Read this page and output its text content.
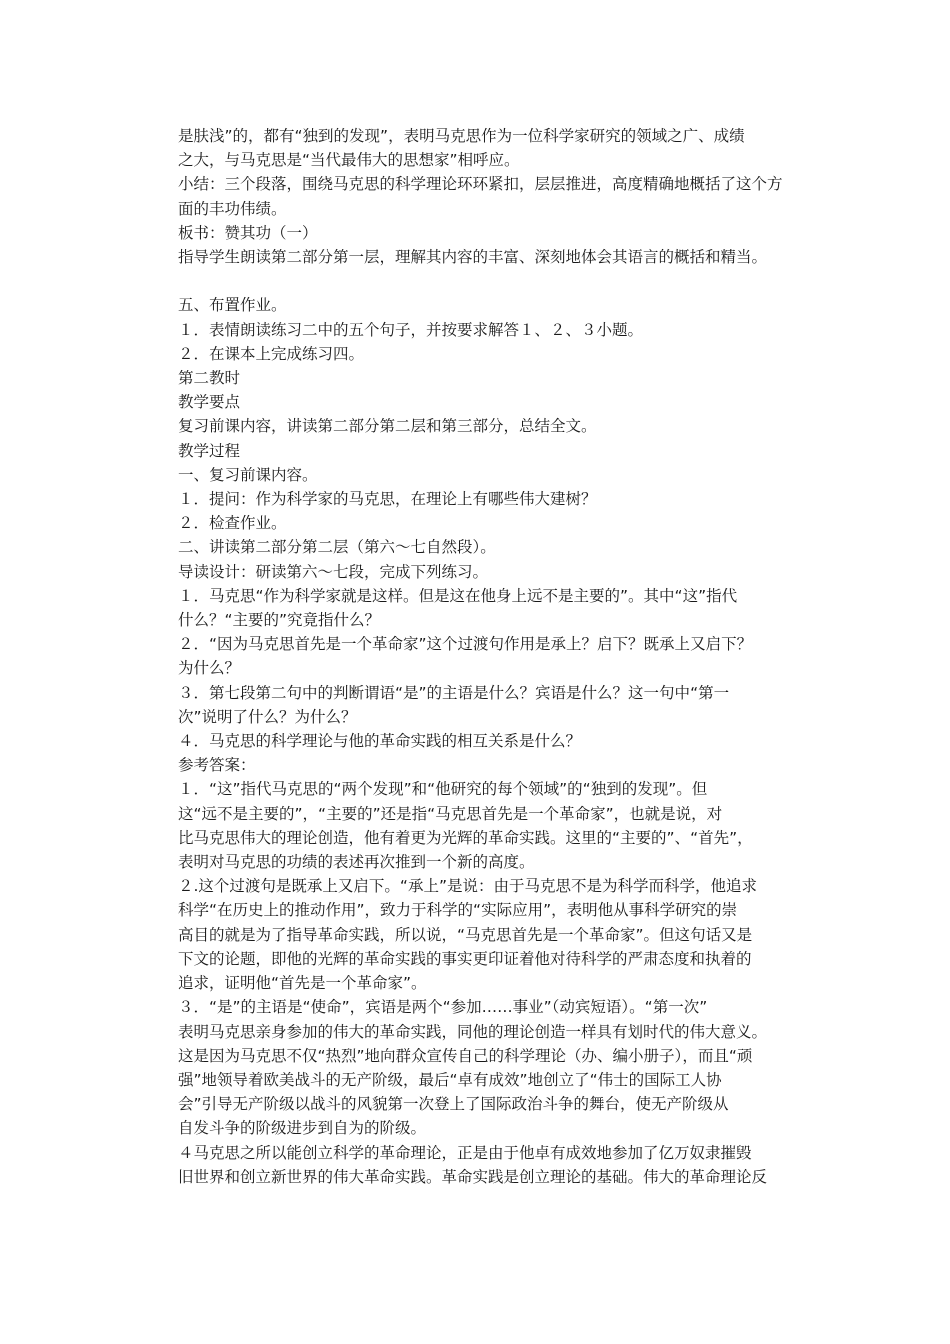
是肤浅”的，都有“独到的发现”，表明马克思作为一位科学家研究的领域之广、成绩
之大，与马克思是“当代最伟大的思想家”相呼应。
小结：三个段落，围绕马克思的科学理论环环紧扣，层层推进，高度精确地概括了这个方
面的丰功伟绩。
板书：赞其功（一）
指导学生朗读第二部分第一层，理解其内容的丰富、深刻地体会其语言的概括和精当。
五、布置作业。
１．表情朗读练习二中的五个句子，并按要求解答１、２、３小题。
２．在课本上完成练习四。
第二教时
教学要点
复习前课内容，讲读第二部分第二层和第三部分，总结全文。
教学过程
一、复习前课内容。
１．提问：作为科学家的马克思，在理论上有哪些伟大建树？
２．检查作业。
二、讲读第二部分第二层（第六～七自然段）。
导读设计：研读第六～七段，完成下列练习。
１．马克思“作为科学家就是这样。但是这在他身上远不是主要的”。其中“这”指代
什么？“主要的”究竟指什么？
２．“因为马克思首先是一个革命家”这个过渡句作用是承上？启下？既承上又启下？
为什么？
３．第七段第二句中的判断谓语“是”的主语是什么？宾语是什么？这一句中“第一
次”说明了什么？为什么？
４．马克思的科学理论与他的革命实践的相互关系是什么？
参考答案：
１．“这”指代马克思的“两个发现”和“他研究的每个领域”的“独到的发现”。但
这“远不是主要的”，“主要的”还是指“马克思首先是一个革命家”，也就是说，对
比马克思伟大的理论创造，他有着更为光辉的革命实践。这里的“主要的”、“首先”，
表明对马克思的功绩的表述再次推到一个新的高度。
２.这个过渡句是既承上又启下。“承上”是说：由于马克思不是为科学而科学，他追求
科学“在历史上的推动作用”，致力于科学的“实际应用”，表明他从事科学研究的崇
高目的就是为了指导革命实践，所以说，“马克思首先是一个革命家”。但这句话又是
下文的论题，即他的光辉的革命实践的事实更印证着他对待科学的严肃态度和执着的
追求，证明他“首先是一个革命家”。
３．“是”的主语是“使命”，宾语是两个“参加……事业”（动宾短语）。“第一次”
表明马克思亲身参加的伟大的革命实践，同他的理论创造一样具有划时代的伟大意义。
这是因为马克思不仅“热烈”地向群众宣传自己的科学理论（办、编小册子），而且“顽
强”地领导着欧美战斗的无产阶级，最后“卓有成效”地创立了“伟士的国际工人协
会”引导无产阶级以战斗的风貌第一次登上了国际政治斗争的舞台，使无产阶级从
自发斗争的阶级进步到自为的阶级。
４马克思之所以能创立科学的革命理论，正是由于他卓有成效地参加了亿万奴隶摧毁
旧世界和创立新世界的伟大革命实践。革命实践是创立理论的基础。伟大的革命理论反
